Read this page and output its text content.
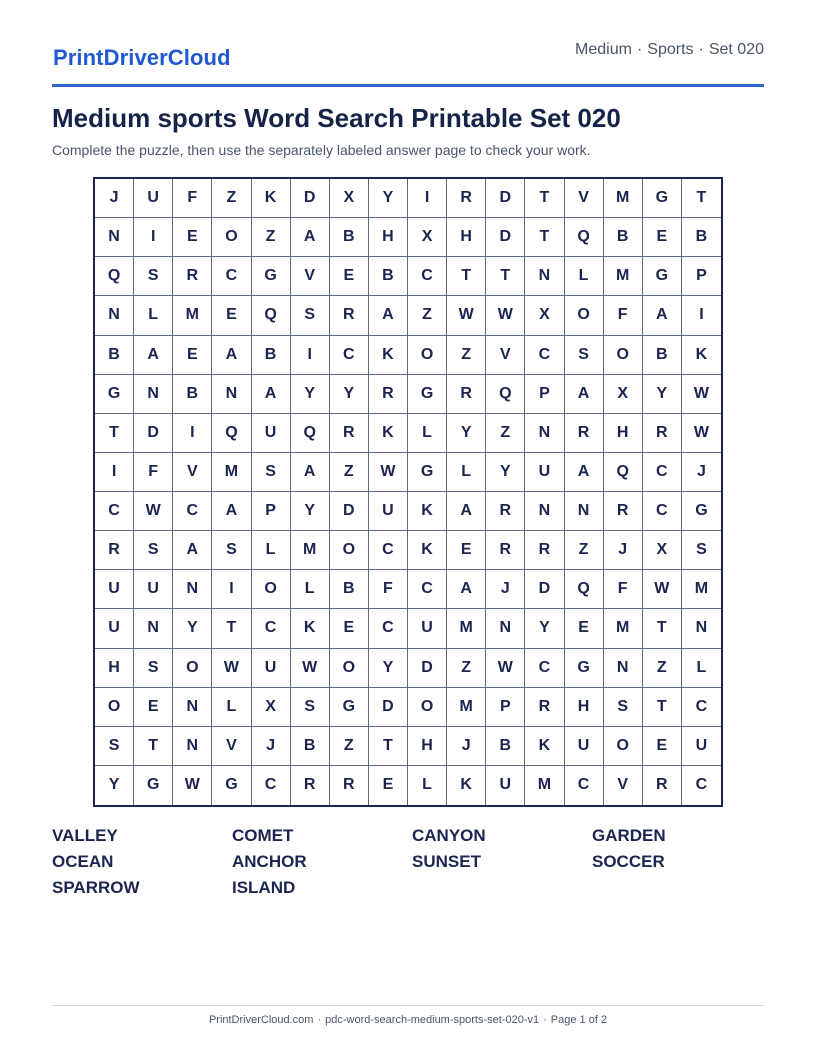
PrintDriverCloud	Medium · Sports · Set 020
Medium sports Word Search Printable Set 020
Complete the puzzle, then use the separately labeled answer page to check your work.
J	U	F	Z	K	D	X	Y	I	R	D	T	V	M	G	T
N	I	E	O	Z	A	B	H	X	H	D	T	Q	B	E	B
Q	S	R	C	G	V	E	B	C	T	T	N	L	M	G	P
N	L	M	E	Q	S	R	A	Z	W	W	X	O	F	A	I
B	A	E	A	B	I	C	K	O	Z	V	C	S	O	B	K
G	N	B	N	A	Y	Y	R	G	R	Q	P	A	X	Y	W
T	D	I	Q	U	Q	R	K	L	Y	Z	N	R	H	R	W
I	F	V	M	S	A	Z	W	G	L	Y	U	A	Q	C	J
C	W	C	A	P	Y	D	U	K	A	R	N	N	R	C	G
R	S	A	S	L	M	O	C	K	E	R	R	Z	J	X	S
U	U	N	I	O	L	B	F	C	A	J	D	Q	F	W	M
U	N	Y	T	C	K	E	C	U	M	N	Y	E	M	T	N
H	S	O	W	U	W	O	Y	D	Z	W	C	G	N	Z	L
O	E	N	L	X	S	G	D	O	M	P	R	H	S	T	C
S	T	N	V	J	B	Z	T	H	J	B	K	U	O	E	U
Y	G	W	G	C	R	R	E	L	K	U	M	C	V	R	C
VALLEY	COMET	CANYON	GARDEN
OCEAN	ANCHOR	SUNSET	SOCCER
SPARROW	ISLAND
PrintDriverCloud.com · pdc-word-search-medium-sports-set-020-v1 · Page 1 of 2
